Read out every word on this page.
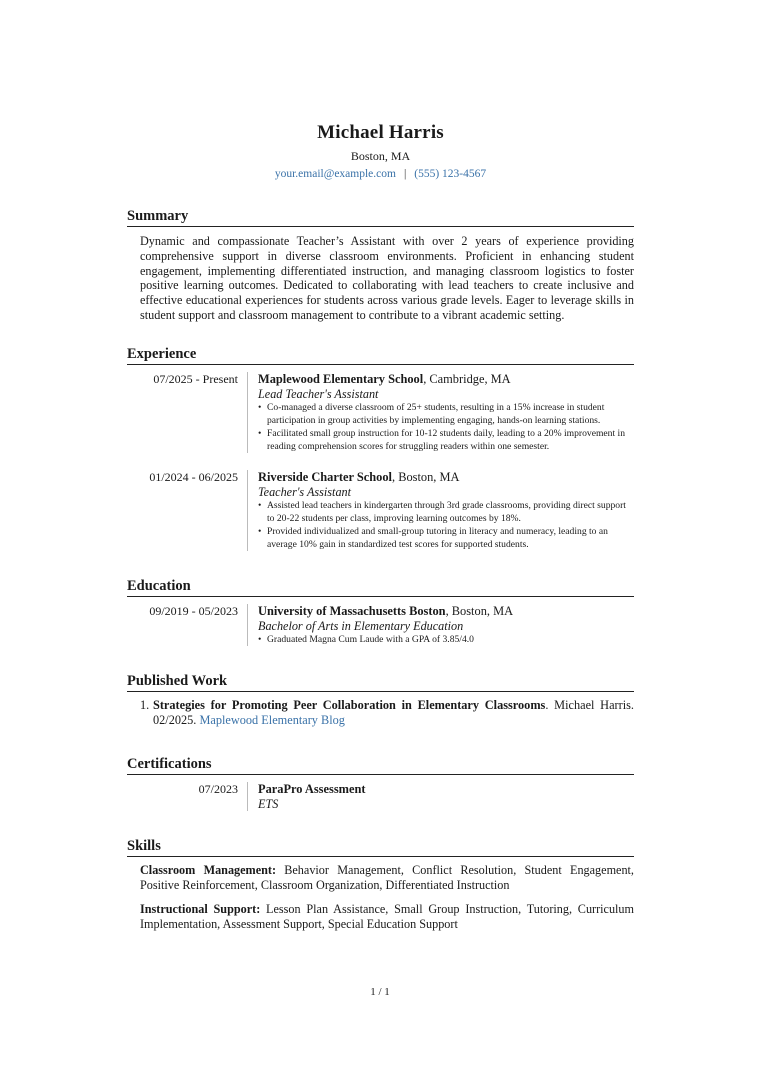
Michael Harris
Boston, MA
your.email@example.com | (555) 123-4567
Summary
Dynamic and compassionate Teacher’s Assistant with over 2 years of experience providing comprehensive support in diverse classroom environments. Proficient in enhancing student engagement, implementing differentiated instruction, and managing classroom logistics to foster positive learning outcomes. Dedicated to collaborating with lead teachers to create inclusive and effective educational experiences for students across various grade levels. Eager to leverage skills in student support and classroom management to contribute to a vibrant academic setting.
Experience
07/2025 - Present	Maplewood Elementary School, Cambridge, MA
Lead Teacher's Assistant
• Co-managed a diverse classroom of 25+ students, resulting in a 15% increase in student participation in group activities by implementing engaging, hands-on learning stations.
• Facilitated small group instruction for 10-12 students daily, leading to a 20% improvement in reading comprehension scores for struggling readers within one semester.
01/2024 - 06/2025	Riverside Charter School, Boston, MA
Teacher's Assistant
• Assisted lead teachers in kindergarten through 3rd grade classrooms, providing direct support to 20-22 students per class, improving learning outcomes by 18%.
• Provided individualized and small-group tutoring in literacy and numeracy, leading to an average 10% gain in standardized test scores for supported students.
Education
09/2019 - 05/2023	University of Massachusetts Boston, Boston, MA
Bachelor of Arts in Elementary Education
• Graduated Magna Cum Laude with a GPA of 3.85/4.0
Published Work
1. Strategies for Promoting Peer Collaboration in Elementary Classrooms. Michael Harris. 02/2025. Maplewood Elementary Blog
Certifications
07/2023	ParaPro Assessment
ETS
Skills
Classroom Management: Behavior Management, Conflict Resolution, Student Engagement, Positive Reinforcement, Classroom Organization, Differentiated Instruction
Instructional Support: Lesson Plan Assistance, Small Group Instruction, Tutoring, Curriculum Implementation, Assessment Support, Special Education Support
1 / 1
